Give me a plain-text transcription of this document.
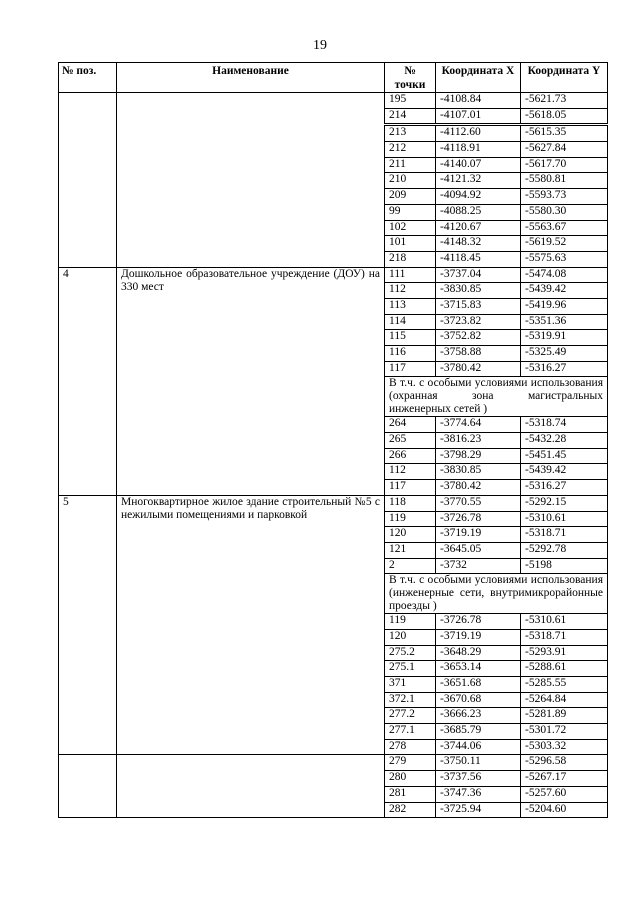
19
№ поз.	Наименование	№ точки	Координата X	Координата Y
		195	-4108.84	-5621.73
		214	-4107.01	-5618.05
		213	-4112.60	-5615.35
		212	-4118.91	-5627.84
		211	-4140.07	-5617.70
		210	-4121.32	-5580.81
		209	-4094.92	-5593.73
		99	-4088.25	-5580.30
		102	-4120.67	-5563.67
		101	-4148.32	-5619.52
		218	-4118.45	-5575.63
4	Дошкольное образовательное учреждение (ДОУ) на 330 мест	111	-3737.04	-5474.08
		112	-3830.85	-5439.42
		113	-3715.83	-5419.96
		114	-3723.82	-5351.36
		115	-3752.82	-5319.91
		116	-3758.88	-5325.49
		117	-3780.42	-5316.27
		В т.ч. с особыми условиями использования (охранная зона магистральных инженерных сетей )		
		264	-3774.64	-5318.74
		265	-3816.23	-5432.28
		266	-3798.29	-5451.45
		112	-3830.85	-5439.42
		117	-3780.42	-5316.27
5	Многоквартирное жилое здание строительный №5 с нежилыми помещениями и парковкой	118	-3770.55	-5292.15
		119	-3726.78	-5310.61
		120	-3719.19	-5318.71
		121	-3645.05	-5292.78
		2	-3732	-5198
		В т.ч. с особыми условиями использования (инженерные сети, внутримикрорайонные проезды )		
		119	-3726.78	-5310.61
		120	-3719.19	-5318.71
		275.2	-3648.29	-5293.91
		275.1	-3653.14	-5288.61
		371	-3651.68	-5285.55
		372.1	-3670.68	-5264.84
		277.2	-3666.23	-5281.89
		277.1	-3685.79	-5301.72
		278	-3744.06	-5303.32
		279	-3750.11	-5296.58
		280	-3737.56	-5267.17
		281	-3747.36	-5257.60
		282	-3725.94	-5204.60
